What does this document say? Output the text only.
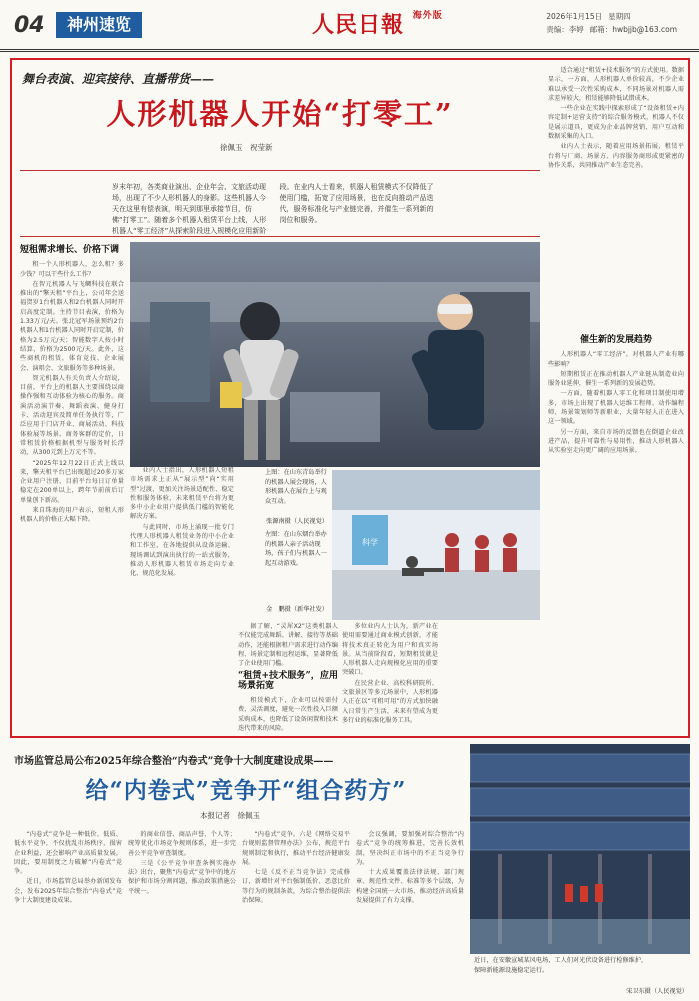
04	神州速览	人民日報 $^{海外版}$	2026年1月15日 星期四
责编：李婷 邮箱：hwbjjb@163.com
舞台表演、迎宾接待、直播带货——
人形机器人开始“打零工”
徐佩玉　祝莹新
岁末年初，各类商业演出、企业年会、文旅活动现场，出现了不少人形机器人的身影。这些机器人今天在这里有偿表演，明天到那里承接节目，仿佛“打零工”。随着多个机器人租赁平台上线，人形机器人“零工经济”从探索阶段进入规模化应用新阶段。在业内人士看来，机器人租赁模式不仅降低了使用门槛，拓宽了应用场景，也在反向推动产品迭代，服务标准化与产业链完善，并催生一系列新的岗位和服务。
短租需求增长、价格下调

租一个人形机器人，怎么租？多少钱？可以干些什么工作？

在智元机器人与飞鲷科技在联合推出的“擎天租”平台上，公司年会送福贺岁1台机器人和2台机器人同时开启高度定制。主持节目表演，价格为1.33万元/天。张北冠军场景预约2台机器人和1台机器人同时开启定制，价格为2.5万元/天；智能数字人按小时结算，价格为2500元/天。此外，这些商机的租赁，体育竞技、企业展会、演唱会、文旅服务等多种场景。

智元机器人有关负责人介绍说，目前，平台上的机器人主要围绕以商操作强和互动体验为核心的服务。商演活动演节奏、舞蹈表演、健身打卡、活动迎宾及简单任务执行等，广泛应用于门店开业、商展活动、科技体验展等场景。商务客群的定价，日常租赁价格根据机型与服务时长浮动，从300元到上万元不等。

“2025年12月22日正式上线以来，擎天租平台已出现超过20多万家企业用户注册，目前平台每日订单量稳定在200单以上，跨年节前前后订单量创下新高。

来自珠海的用户表示，短租人形机器人的价格正大幅下降。

业内人士指出，人形机器人短租市场需求上正从“展示型”向“实用型”过渡，更加关注场景适配性、稳定性和服务体验，未来租赁平台将为更多中小企业用户提供低门槛的智能化解决方案。

与此同时，市场上涌现一批专门代理人形机器人租赁业务的中小企业和工作室，在各地提供从设备运输、现场调试到演出执行的一站式服务，推动人形机器人租赁市场走向专业化、规范化发展。

科学
上图：在山东青岛举行的机器人展会现场，人形机器人在展台上与观众互动。
张源南摄（人民视觉）
左图：在山东烟台举办的机器人亲子活动现场，孩子们与机器人一起互动游戏。
金　鹏摄（新华社发）

据了解，“灵犀X2”这类机器人不仅能完成舞蹈、讲解、接待等基础动作，还能根据租户需求进行动作编程、场景定制和远程运维，显著降低了企业使用门槛。

“租赁+技术服务”，应用场景拓宽

租赁模式下，企业可以按需付费、灵活调度，避免一次性投入巨额采购成本，也降低了设备闲置和技术迭代带来的风险。

多位业内人士认为，新产业在使用需要通过商业模式创新，才能将技术真正转化为用户和真实场景。从当前阶段看，短期租赁就是人形机器人走向规模化应用的重要突破口。

在民营企业、高校科研院所、文旅景区等多元场景中，人形机器人正在以“可租可用”的方式加快融入日常生产生活，未来有望成为更多行业的标准化服务工具。

适合通过“租赁+技术服务”的方式使用。数据显示，一方面，人形机器人单价较高，不少企业难以承受一次性采购成本，不同场景对机器人需求差异较大，租赁能够降低试错成本。

一些企业在实践中探索形成了“设备租赁+内容定制+运营支持”的综合服务模式，机器人不仅是展示道具，更成为企业品牌营销、用户互动和数据采集的入口。

业内人士表示，随着应用场景拓展，租赁平台将与厂商、场景方、内容服务商形成更紧密的协作关系，共同推动产业生态完善。

催生新的发展趋势

人形机器人“零工经济”，对机器人产业有哪些影响？

短期租赁正在推动机器人产业链从制造业向服务业延伸，催生一系列新的发展趋势。

一方面，随着机器人零工化和项目制使用增多，市场上出现了机器人运维工程师、动作编程师、场景策划师等新职业，大量年轻人正在进入这一领域。

另一方面，来自市场的反馈也在倒逼企业改进产品，提升可靠性与易用性，推动人形机器人从实验室走向更广阔的应用场景。

市场监管总局公布2025年综合整治“内卷式”竞争十大制度建设成果——
给“内卷式”竞争开“组合药方”
本报记者　徐佩玉

“内卷式”竞争是一种低价、低质、低水平竞争，不仅扰乱市场秩序，损害企业利益，还会影响产业高质量发展。因此，要用制度之力破解“内卷式”竞争。

近日，市场监管总局举办新闻发布会，发布2025年综合整治“内卷式”竞争十大制度建设成果。

的商业信誉、商品声誉、个人等；统筹优化市场竞争规则体系，进一步完善公平竞争审查制度。

三是《公平竞争审查条例实施办法》出台，聚焦“内卷式”竞争中的地方保护和市场分割问题，推动政策措施公平统一。

“内卷式”竞争。六是《网络交易平台规则监督管理办法》公布，规范平台规则制定和执行，推动平台经济健康发展。

七是《反不正当竞争法》完成修订，新增针对平台强制低价、恶意比价等行为的规制条款，为综合整治提供法治保障。

会议强调，要加强对综合整治“内卷式”竞争的统筹推进，完善长效机制，坚决纠正市场中的不正当竞争行为。

十大成果覆盖法律法规、部门规章、规范性文件、标准等多个层级，为构建全国统一大市场、推动经济高质量发展提供了有力支撑。

近日，在安徽宣城某风电场，工人们对光伏设备进行检修维护，保障新能源设施稳定运行。
宋卫东摄（人民视觉）
